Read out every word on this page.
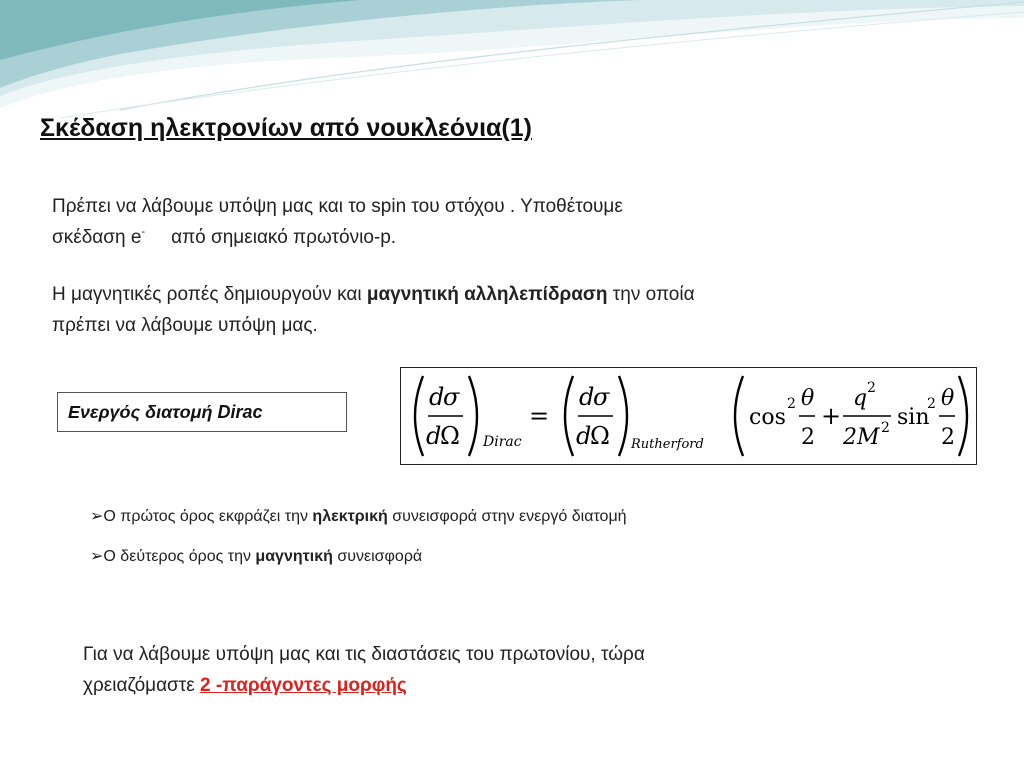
Σκέδαση ηλεκτρονίων από νουκλεόνια(1)
Πρέπει να λάβουμε υπόψη μας και το spin του στόχου . Υποθέτουμε
σκέδαση e- από σημειακό πρωτόνιο-p.
Η μαγνητικές ροπές δημιουργούν και μαγνητική αλληλεπίδραση την οποία
πρέπει να λάβουμε υπόψη μας.
Ενεργός διατομή Dirac
d
σ
d
Ω Dirac
=
d
σ
d
Ω Rutherford
cos
2 θ
2
+
q 2
2M 2 sin
2 θ
2
➢Ο πρώτος όρος εκφράζει την ηλεκτρική συνεισφορά στην ενεργό διατομή
➢Ο δεύτερος όρος την μαγνητική συνεισφορά
Για να λάβουμε υπόψη μας και τις διαστάσεις του πρωτονίου, τώρα
χρειαζόμαστε 2 -παράγοντες μορφής
